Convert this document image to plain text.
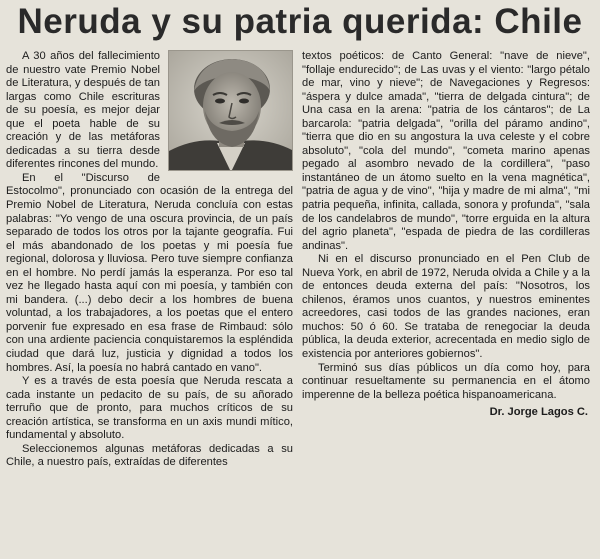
Neruda y su patria querida: Chile

A 30 años del fallecimiento de nuestro vate Premio Nobel de Literatura, y después de tan largas como Chile escrituras de su poesía, es mejor dejar que el poeta hable de su creación y de las metáforas dedicadas a su tierra desde diferentes rincones del mundo.

En el "Discurso de Estocolmo", pronunciado con ocasión de la entrega del Premio Nobel de Literatura, Neruda concluía con estas palabras: "Yo vengo de una oscura provincia, de un país separado de todos los otros por la tajante geografía. Fui el más abandonado de los poetas y mi poesía fue regional, dolorosa y lluviosa. Pero tuve siempre confianza en el hombre. No perdí jamás la esperanza. Por eso tal vez he llegado hasta aquí con mi poesía, y también con mi bandera. (...) debo decir a los hombres de buena voluntad, a los trabajadores, a los poetas que el entero porvenir fue expresado en esa frase de Rimbaud: sólo con una ardiente paciencia conquistaremos la espléndida ciudad que dará luz, justicia y dignidad a todos los hombres. Así, la poesía no habrá cantado en vano".

Y es a través de esta poesía que Neruda rescata a cada instante un pedacito de su país, de su añorado terruño que de pronto, para muchos críticos de su creación artística, se transforma en un axis mundi mítico, fundamental y absoluto.

Seleccionemos algunas metáforas dedicadas a su Chile, a nuestro país, extraídas de diferentes

textos poéticos: de Canto General: "nave de nieve", "follaje endurecido"; de Las uvas y el viento: "largo pétalo de mar, vino y nieve"; de Navegaciones y Regresos: "áspera y dulce amada", "tierra de delgada cintura"; de Una casa en la arena: "patria de los cántaros"; de La barcarola: "patria delgada", "orilla del páramo andino", "tierra que dio en su angostura la uva celeste y el cobre absoluto", "cola del mundo", "cometa marino apenas pegado al asombro nevado de la cordillera", "paso instantáneo de un átomo suelto en la vena magnética", "patria de agua y de vino", "hija y madre de mi alma", "mi patria pequeña, infinita, callada, sonora y profunda", "sala de los candelabros de mundo", "torre erguida en la altura del agrio planeta", "espada de piedra de las cordilleras andinas".

Ni en el discurso pronunciado en el Pen Club de Nueva York, en abril de 1972, Neruda olvida a Chile y a la de entonces deuda externa del país: "Nosotros, los chilenos, éramos unos cuantos, y nuestros eminentes acreedores, casi todos de las grandes naciones, eran muchos: 50 ó 60. Se trataba de renegociar la deuda pública, la deuda exterior, acrecentada en medio siglo de existencia por anteriores gobiernos".

Terminó sus días públicos un día como hoy, para continuar resueltamente su permanencia en el átomo imperenne de la belleza poética hispanoamericana.

Dr. Jorge Lagos C.
